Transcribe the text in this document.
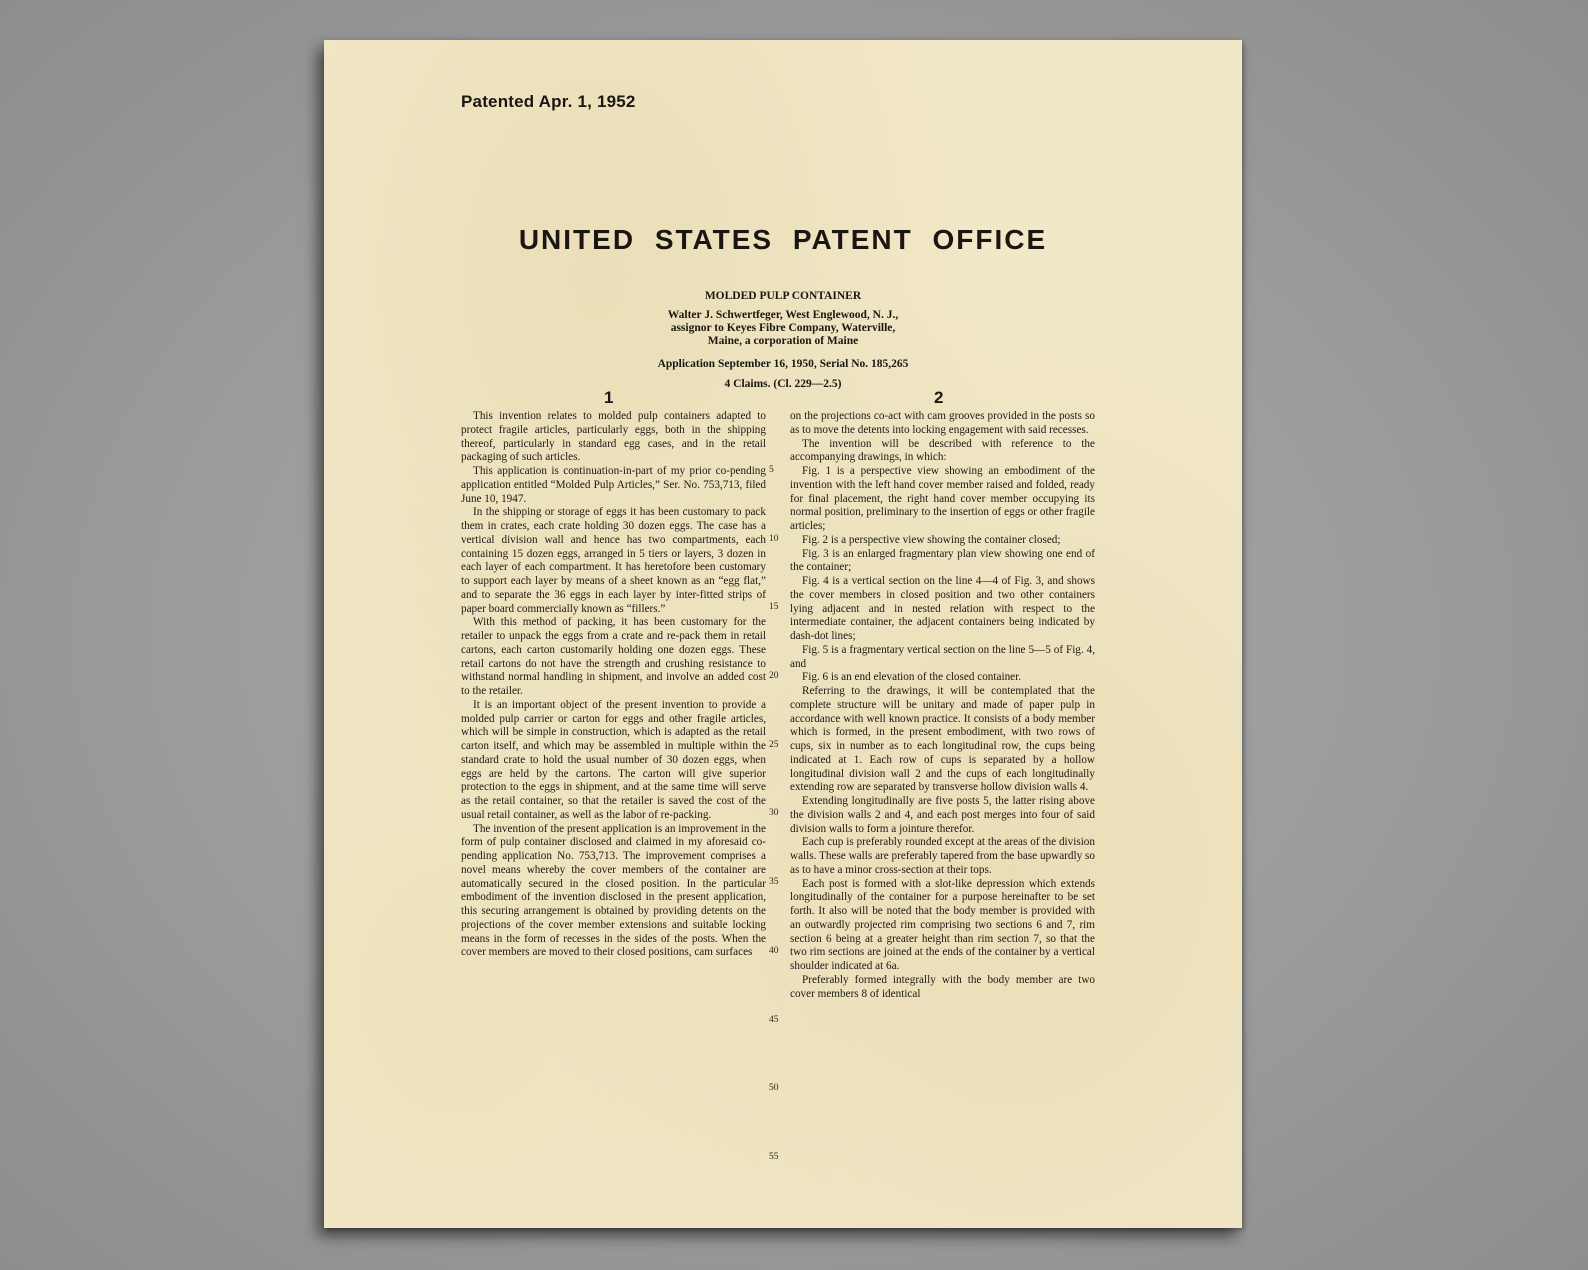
Patented Apr. 1, 1952
UNITED STATES PATENT OFFICE
MOLDED PULP CONTAINER
Walter J. Schwertfeger, West Englewood, N. J.,
assignor to Keyes Fibre Company, Waterville,
Maine, a corporation of Maine
Application September 16, 1950, Serial No. 185,265
4 Claims. (Cl. 229—2.5)
1	2

This invention relates to molded pulp containers adapted to protect fragile articles, particularly eggs, both in the shipping thereof, particularly in standard egg cases, and in the retail packaging of such articles.

This application is continuation-in-part of my prior co-pending application entitled “Molded Pulp Articles,” Ser. No. 753,713, filed June 10, 1947.

In the shipping or storage of eggs it has been customary to pack them in crates, each crate holding 30 dozen eggs. The case has a vertical division wall and hence has two compartments, each containing 15 dozen eggs, arranged in 5 tiers or layers, 3 dozen in each layer of each compartment. It has heretofore been customary to support each layer by means of a sheet known as an “egg flat,” and to separate the 36 eggs in each layer by inter-fitted strips of paper board commercially known as “fillers.”

With this method of packing, it has been customary for the retailer to unpack the eggs from a crate and re-pack them in retail cartons, each carton customarily holding one dozen eggs. These retail cartons do not have the strength and crushing resistance to withstand normal handling in shipment, and involve an added cost to the retailer.

It is an important object of the present invention to provide a molded pulp carrier or carton for eggs and other fragile articles, which will be simple in construction, which is adapted as the retail carton itself, and which may be assembled in multiple within the standard crate to hold the usual number of 30 dozen eggs, when eggs are held by the cartons. The carton will give superior protection to the eggs in shipment, and at the same time will serve as the retail container, so that the retailer is saved the cost of the usual retail container, as well as the labor of re-packing.

The invention of the present application is an improvement in the form of pulp container disclosed and claimed in my aforesaid co-pending application No. 753,713. The improvement comprises a novel means whereby the cover members of the container are automatically secured in the closed position. In the particular embodiment of the invention disclosed in the present application, this securing arrangement is obtained by providing detents on the projections of the cover member extensions and suitable locking means in the form of recesses in the sides of the posts. When the cover members are moved to their closed positions, cam surfaces

5
10
15
20
25
30
35
40
45
50
55

on the projections co-act with cam grooves provided in the posts so as to move the detents into locking engagement with said recesses.

The invention will be described with reference to the accompanying drawings, in which:

Fig. 1 is a perspective view showing an embodiment of the invention with the left hand cover member raised and folded, ready for final placement, the right hand cover member occupying its normal position, preliminary to the insertion of eggs or other fragile articles;

Fig. 2 is a perspective view showing the container closed;

Fig. 3 is an enlarged fragmentary plan view showing one end of the container;

Fig. 4 is a vertical section on the line 4—4 of Fig. 3, and shows the cover members in closed position and two other containers lying adjacent and in nested relation with respect to the intermediate container, the adjacent containers being indicated by dash-dot lines;

Fig. 5 is a fragmentary vertical section on the line 5—5 of Fig. 4, and

Fig. 6 is an end elevation of the closed container.

Referring to the drawings, it will be contemplated that the complete structure will be unitary and made of paper pulp in accordance with well known practice. It consists of a body member which is formed, in the present embodiment, with two rows of cups, six in number as to each longitudinal row, the cups being indicated at 1. Each row of cups is separated by a hollow longitudinal division wall 2 and the cups of each longitudinally extending row are separated by transverse hollow division walls 4.

Extending longitudinally are five posts 5, the latter rising above the division walls 2 and 4, and each post merges into four of said division walls to form a jointure therefor.

Each cup is preferably rounded except at the areas of the division walls. These walls are preferably tapered from the base upwardly so as to have a minor cross-section at their tops.

Each post is formed with a slot-like depression which extends longitudinally of the container for a purpose hereinafter to be set forth. It also will be noted that the body member is provided with an outwardly projected rim comprising two sections 6 and 7, rim section 6 being at a greater height than rim section 7, so that the two rim sections are joined at the ends of the container by a vertical shoulder indicated at 6a.

Preferably formed integrally with the body member are two cover members 8 of identical
